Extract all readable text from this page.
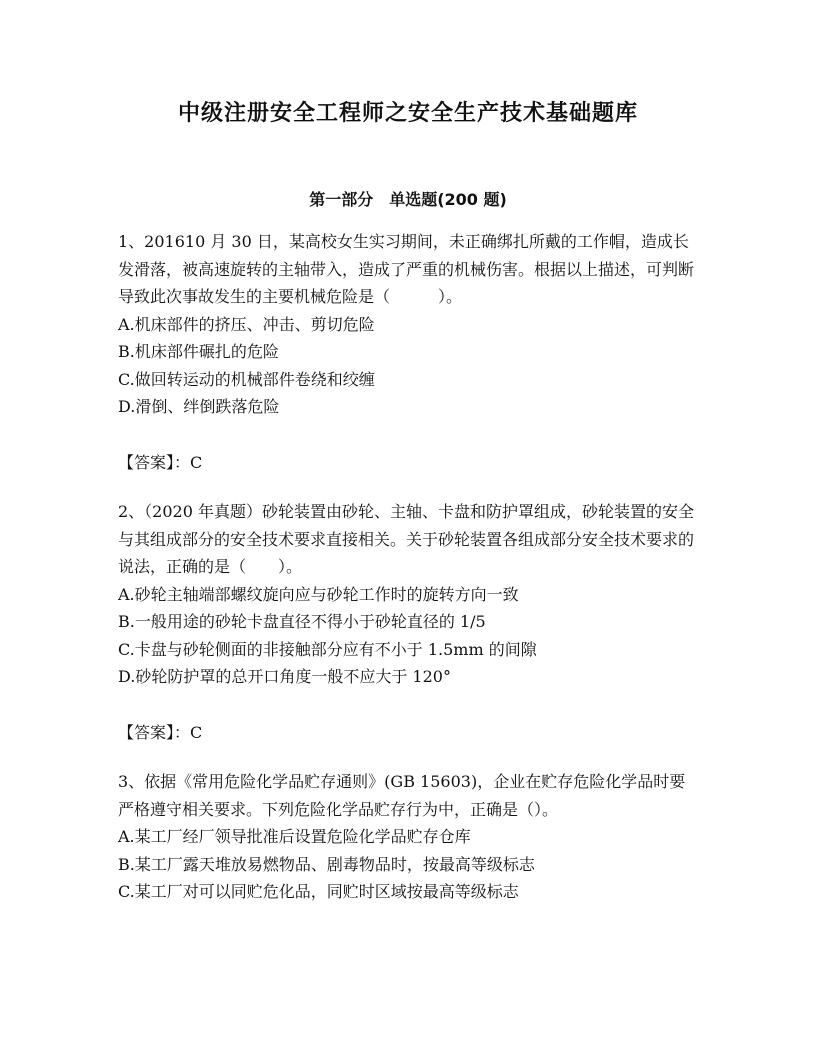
中级注册安全工程师之安全生产技术基础题库
第一部分　单选题(200 题)

1、201610 月 30 日，某高校女生实习期间，未正确绑扎所戴的工作帽，造成长发滑落，被高速旋转的主轴带入，造成了严重的机械伤害。根据以上描述，可判断导致此次事故发生的主要机械危险是（　　　）。

A.机床部件的挤压、冲击、剪切危险

B.机床部件碾扎的危险

C.做回转运动的机械部件卷绕和绞缠

D.滑倒、绊倒跌落危险

【答案】：C

2、（2020 年真题）砂轮装置由砂轮、主轴、卡盘和防护罩组成，砂轮装置的安全与其组成部分的安全技术要求直接相关。关于砂轮装置各组成部分安全技术要求的说法，正确的是（　　）。

A.砂轮主轴端部螺纹旋向应与砂轮工作时的旋转方向一致

B.一般用途的砂轮卡盘直径不得小于砂轮直径的 1/5

C.卡盘与砂轮侧面的非接触部分应有不小于 1.5mm 的间隙

D.砂轮防护罩的总开口角度一般不应大于 120°

【答案】：C

3、依据《常用危险化学品贮存通则》(GB 15603)，企业在贮存危险化学品时要严格遵守相关要求。下列危险化学品贮存行为中，正确是（）。

A.某工厂经厂领导批准后设置危险化学品贮存仓库

B.某工厂露天堆放易燃物品、剧毒物品时，按最高等级标志

C.某工厂对可以同贮危化品，同贮时区域按最高等级标志
